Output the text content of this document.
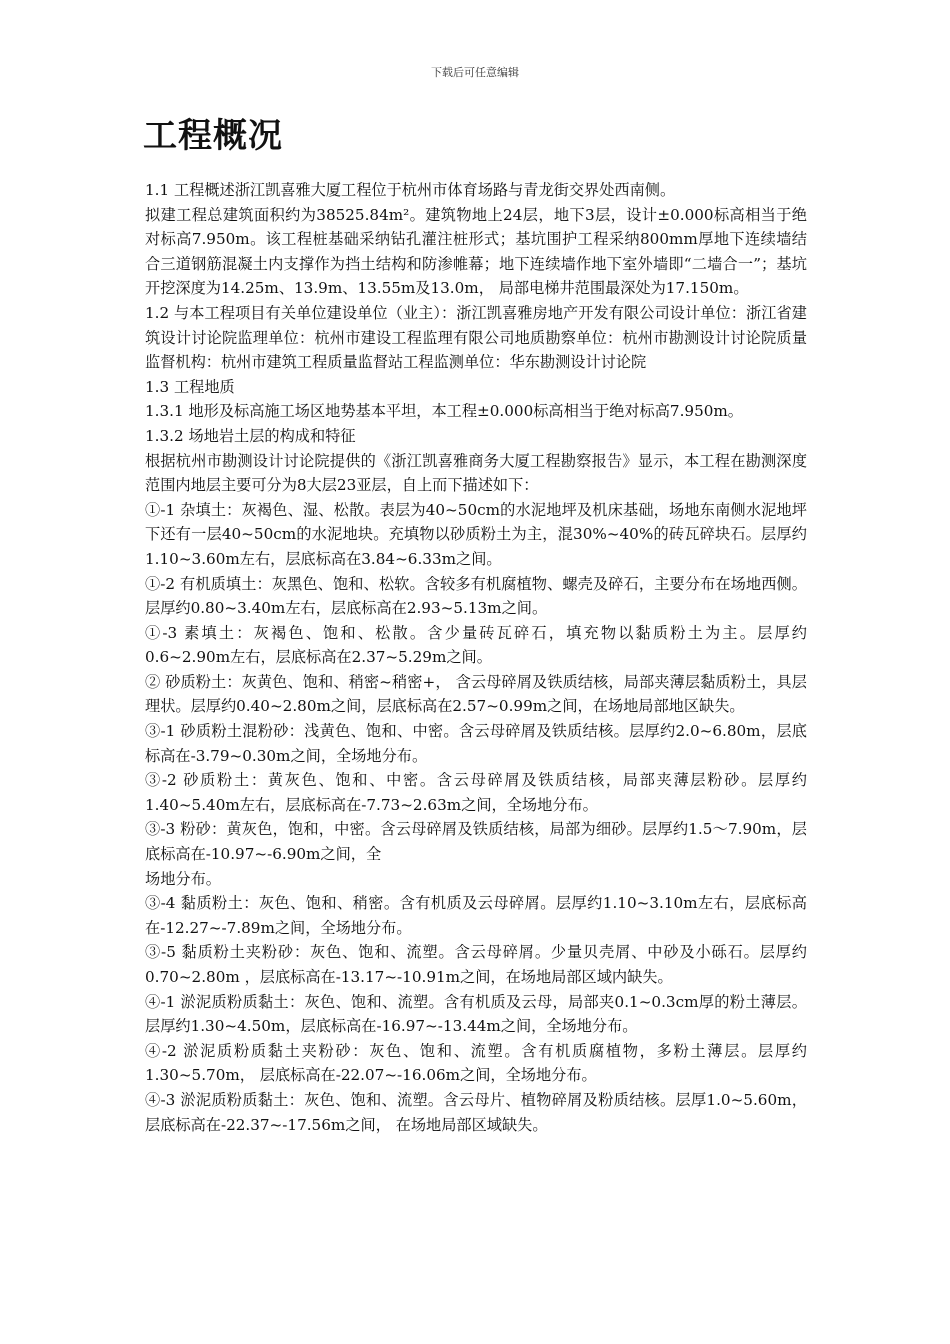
下载后可任意编辑
工程概况

1.1 工程概述浙江凯喜雅大厦工程位于杭州市体育场路与青龙街交界处西南侧。

拟建工程总建筑面积约为38525.84m²。建筑物地上24层，地下3层，设计±0.000标高相当于绝对标高7.950m。该工程桩基础采纳钻孔灌注桩形式；基坑围护工程采纳800mm厚地下连续墙结合三道钢筋混凝土内支撑作为挡土结构和防渗帷幕；地下连续墙作地下室外墙即“二墙合一”；基坑开挖深度为14.25m、13.9m、13.55m及13.0m， 局部电梯井范围最深处为17.150m。

1.2 与本工程项目有关单位建设单位（业主）：浙江凯喜雅房地产开发有限公司设计单位：浙江省建筑设计讨论院监理单位：杭州市建设工程监理有限公司地质勘察单位：杭州市勘测设计讨论院质量监督机构：杭州市建筑工程质量监督站工程监测单位：华东勘测设计讨论院

1.3 工程地质

1.3.1 地形及标高施工场区地势基本平坦，本工程±0.000标高相当于绝对标高7.950m。

1.3.2 场地岩土层的构成和特征

根据杭州市勘测设计讨论院提供的《浙江凯喜雅商务大厦工程勘察报告》显示，本工程在勘测深度范围内地层主要可分为8大层23亚层，自上而下描述如下：

①-1 杂填土：灰褐色、湿、松散。表层为40~50cm的水泥地坪及机床基础，场地东南侧水泥地坪下还有一层40~50cm的水泥地块。充填物以砂质粉土为主，混30%~40%的砖瓦碎块石。层厚约1.10~3.60m左右，层底标高在3.84~6.33m之间。

①-2 有机质填土：灰黑色、饱和、松软。含较多有机腐植物、螺壳及碎石，主要分布在场地西侧。层厚约0.80~3.40m左右，层底标高在2.93~5.13m之间。

①-3 素填土：灰褐色、饱和、松散。含少量砖瓦碎石，填充物以黏质粉土为主。层厚约0.6~2.90m左右，层底标高在2.37~5.29m之间。

② 砂质粉土：灰黄色、饱和、稍密~稍密+， 含云母碎屑及铁质结核，局部夹薄层黏质粉土，具层理状。层厚约0.40~2.80m之间，层底标高在2.57~0.99m之间，在场地局部地区缺失。

③-1 砂质粉土混粉砂：浅黄色、饱和、中密。含云母碎屑及铁质结核。层厚约2.0~6.80m，层底标高在-3.79~0.30m之间，全场地分布。

③-2 砂质粉土：黄灰色、饱和、中密。含云母碎屑及铁质结核，局部夹薄层粉砂。层厚约1.40~5.40m左右，层底标高在-7.73~2.63m之间，全场地分布。

③-3 粉砂：黄灰色，饱和，中密。含云母碎屑及铁质结核，局部为细砂。层厚约1.5～7.90m，层底标高在-10.97~-6.90m之间，全

场地分布。

③-4 黏质粉土：灰色、饱和、稍密。含有机质及云母碎屑。层厚约1.10~3.10m左右，层底标高在-12.27~-7.89m之间，全场地分布。

③-5 黏质粉土夹粉砂：灰色、饱和、流塑。含云母碎屑。少量贝壳屑、中砂及小砾石。层厚约0.70~2.80m ，层底标高在-13.17~-10.91m之间，在场地局部区域内缺失。

④-1 淤泥质粉质黏土：灰色、饱和、流塑。含有机质及云母，局部夹0.1~0.3cm厚的粉土薄层。层厚约1.30~4.50m，层底标高在-16.97~-13.44m之间，全场地分布。

④-2 淤泥质粉质黏土夹粉砂：灰色、饱和、流塑。含有机质腐植物，多粉土薄层。层厚约1.30~5.70m， 层底标高在-22.07~-16.06m之间，全场地分布。

④-3 淤泥质粉质黏土：灰色、饱和、流塑。含云母片、植物碎屑及粉质结核。层厚1.0~5.60m，层底标高在-22.37~-17.56m之间， 在场地局部区域缺失。
